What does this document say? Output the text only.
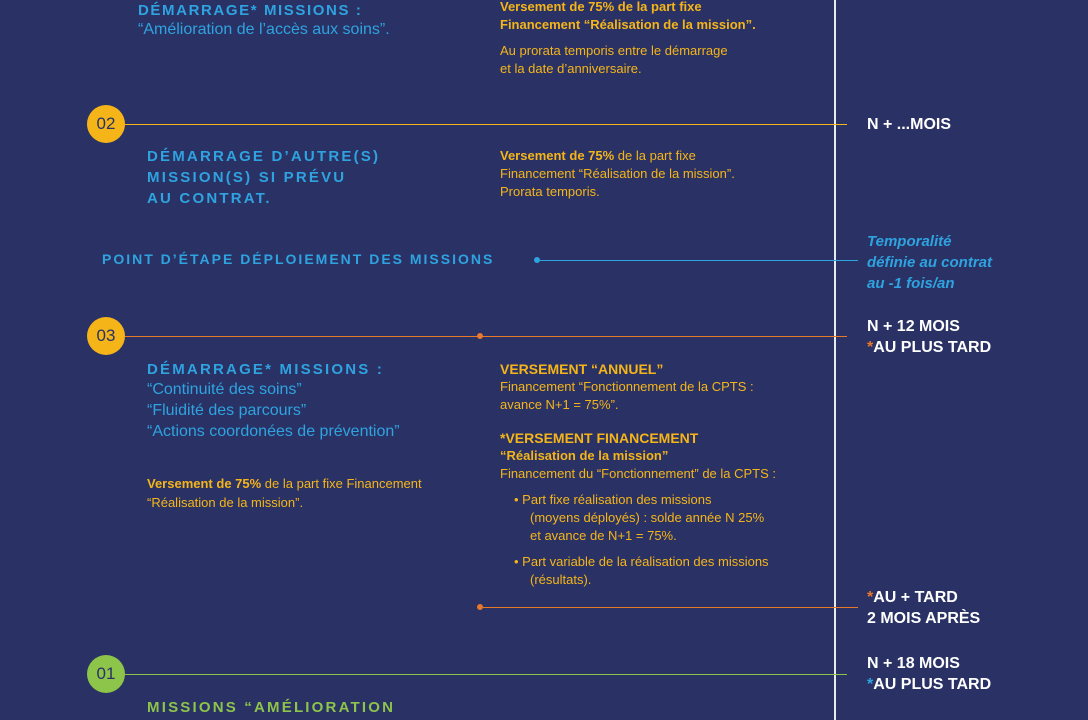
DÉMARRAGE* MISSIONS :
“Amélioration de l’accès aux soins”.
Versement de 75% de la part fixe
Financement “Réalisation de la mission”.
Au prorata temporis entre le démarrage
et la date d’anniversaire.
02	N + ...MOIS
DÉMARRAGE D’AUTRE(S)
MISSION(S) SI PRÉVU
AU CONTRAT.
Versement de 75% de la part fixe
Financement “Réalisation de la mission”.
Prorata temporis.
POINT D’ÉTAPE DÉPLOIEMENT DES MISSIONS
Temporalité
définie au contrat
au -1 fois/an
03	N + 12 MOIS
*AU PLUS TARD
DÉMARRAGE* MISSIONS :
“Continuité des soins”
“Fluidité des parcours”
“Actions coordonées de prévention”
Versement de 75% de la part fixe Financement
“Réalisation de la mission”.
VERSEMENT “ANNUEL”
Financement “Fonctionnement de la CPTS :
avance N+1 = 75%”.
*VERSEMENT FINANCEMENT
“Réalisation de la mission”
Financement du “Fonctionnement” de la CPTS :
• Part fixe réalisation des missions
(moyens déployés) : solde année N 25%
et avance de N+1 = 75%.
• Part variable de la réalisation des missions
(résultats).
*AU + TARD
2 MOIS APRÈS
01
N + 18 MOIS
*AU PLUS TARD
MISSIONS “AMÉLIORATION
